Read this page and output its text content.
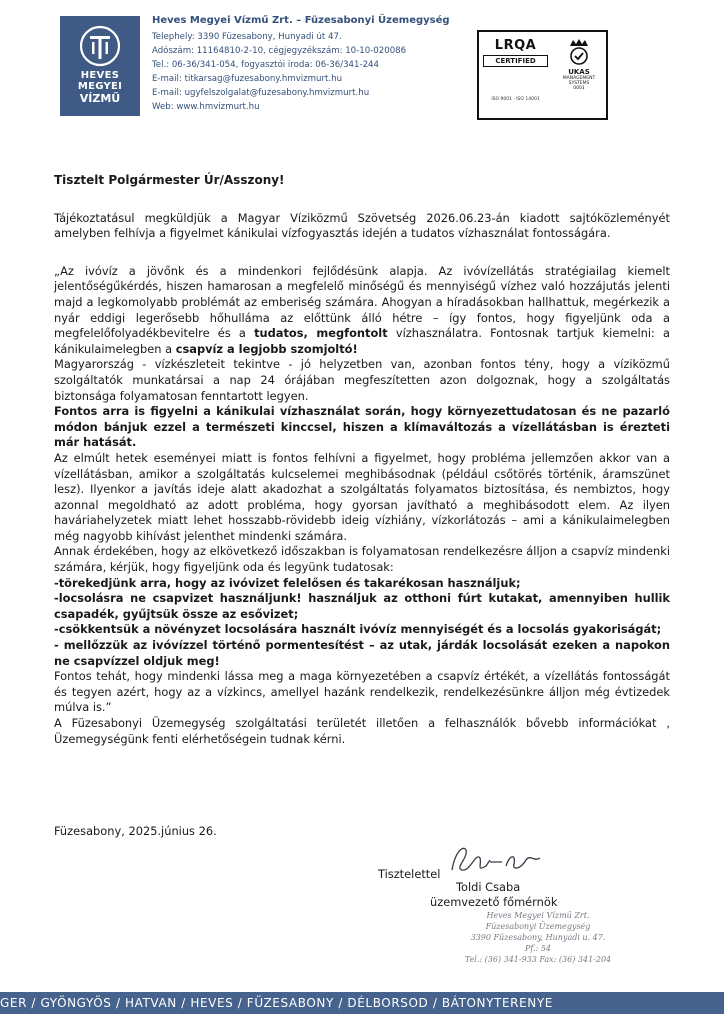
HEVES MEGYEI
VÍZMŰ
Heves Megyei Vízmű Zrt. – Füzesabonyi Üzemegység
Telephely: 3390 Füzesabony, Hunyadi út 47.
Adószám: 11164810-2-10, cégjegyzékszám: 10-10-020086
Tel.: 06-36/341-054, fogyasztói iroda: 06-36/341-244
E-mail: titkarsag@fuzesabony.hmvizmurt.hu
E-mail: ugyfelszolgalat@fuzesabony.hmvizmurt.hu
Web: www.hmvizmurt.hu
LRQA
CERTIFIED
ISO 9001 · ISO 14001
UKAS
MANAGEMENT SYSTEMS
0001

Tisztelt Polgármester Úr/Asszony!

Tájékoztatásul megküldjük a Magyar Víziközmű Szövetség 2026.06.23-án kiadott sajtóközleményét amelyben felhívja a figyelmet kánikulai vízfogyasztás idején a tudatos vízhasználat fontosságára.

„Az ivóvíz a jövőnk és a mindenkori fejlődésünk alapja. Az ivóvízellátás stratégiailag kiemelt jelentőségűkérdés, hiszen hamarosan a megfelelő minőségű és mennyiségű vízhez való hozzájutás jelenti majd a legkomolyabb problémát az emberiség számára. Ahogyan a híradásokban hallhattuk, megérkezik a nyár eddigi legerősebb hőhulláma az előttünk álló hétre – így fontos, hogy figyeljünk oda a megfelelőfolyadékbevitelre és a tudatos, megfontolt vízhasználatra. Fontosnak tartjuk kiemelni: a kánikulaimelegben a csapvíz a legjobb szomjoltó!

Magyarország - vízkészleteit tekintve - jó helyzetben van, azonban fontos tény, hogy a víziközmű szolgáltatók munkatársai a nap 24 órájában megfeszítetten azon dolgoznak, hogy a szolgáltatás biztonsága folyamatosan fenntartott legyen.

Fontos arra is figyelni a kánikulai vízhasználat során, hogy környezettudatosan és ne pazarló módon bánjuk ezzel a természeti kinccsel, hiszen a klímaváltozás a vízellátásban is érezteti már hatását.

Az elmúlt hetek eseményei miatt is fontos felhívni a figyelmet, hogy probléma jellemzően akkor van a vízellátásban, amikor a szolgáltatás kulcselemei meghibásodnak (például csőtörés történik, áramszünet lesz). Ilyenkor a javítás ideje alatt akadozhat a szolgáltatás folyamatos biztosítása, és nembiztos, hogy azonnal megoldható az adott probléma, hogy gyorsan javítható a meghibásodott elem. Az ilyen haváriahelyzetek miatt lehet hosszabb-rövidebb ideig vízhiány, vízkorlátozás – ami a kánikulaimelegben még nagyobb kihívást jelenthet mindenki számára.

Annak érdekében, hogy az elkövetkező időszakban is folyamatosan rendelkezésre álljon a csapvíz mindenki számára, kérjük, hogy figyeljünk oda és legyünk tudatosak:

-törekedjünk arra, hogy az ivóvizet felelősen és takarékosan használjuk;

-locsolásra ne csapvizet használjunk! használjuk az otthoni fúrt kutakat, amennyiben hullik csapadék, gyűjtsük össze az esővizet;

-csökkentsük a növényzet locsolására használt ivóvíz mennyiségét és a locsolás gyakoriságát;

- mellőzzük az ivóvízzel történő pormentesítést – az utak, járdák locsolását ezeken a napokon ne csapvízzel oldjuk meg!

Fontos tehát, hogy mindenki lássa meg a maga környezetében a csapvíz értékét, a vízellátás fontosságát és tegyen azért, hogy az a vízkincs, amellyel hazánk rendelkezik, rendelkezésünkre álljon még évtizedek múlva is.”

A Füzesabonyi Üzemegység szolgáltatási területét illetően a felhasználók bővebb információkat , Üzemegységünk fenti elérhetőségein tudnak kérni.

Füzesabony, 2025.június 26.
Tisztelettel
Toldi Csaba
üzemvezető főmérnök
Heves Megyei Vízmű Zrt.
Füzesabonyi Üzemegység
3390 Füzesabony, Hunyadi u. 47.
Pf.: 54
Tel.: (36) 341-933 Fax: (36) 341-204
GER / GYÖNGYÖS / HATVAN / HEVES / FÜZESABONY / DÉLBORSOD / BÁTONYTERENYE
